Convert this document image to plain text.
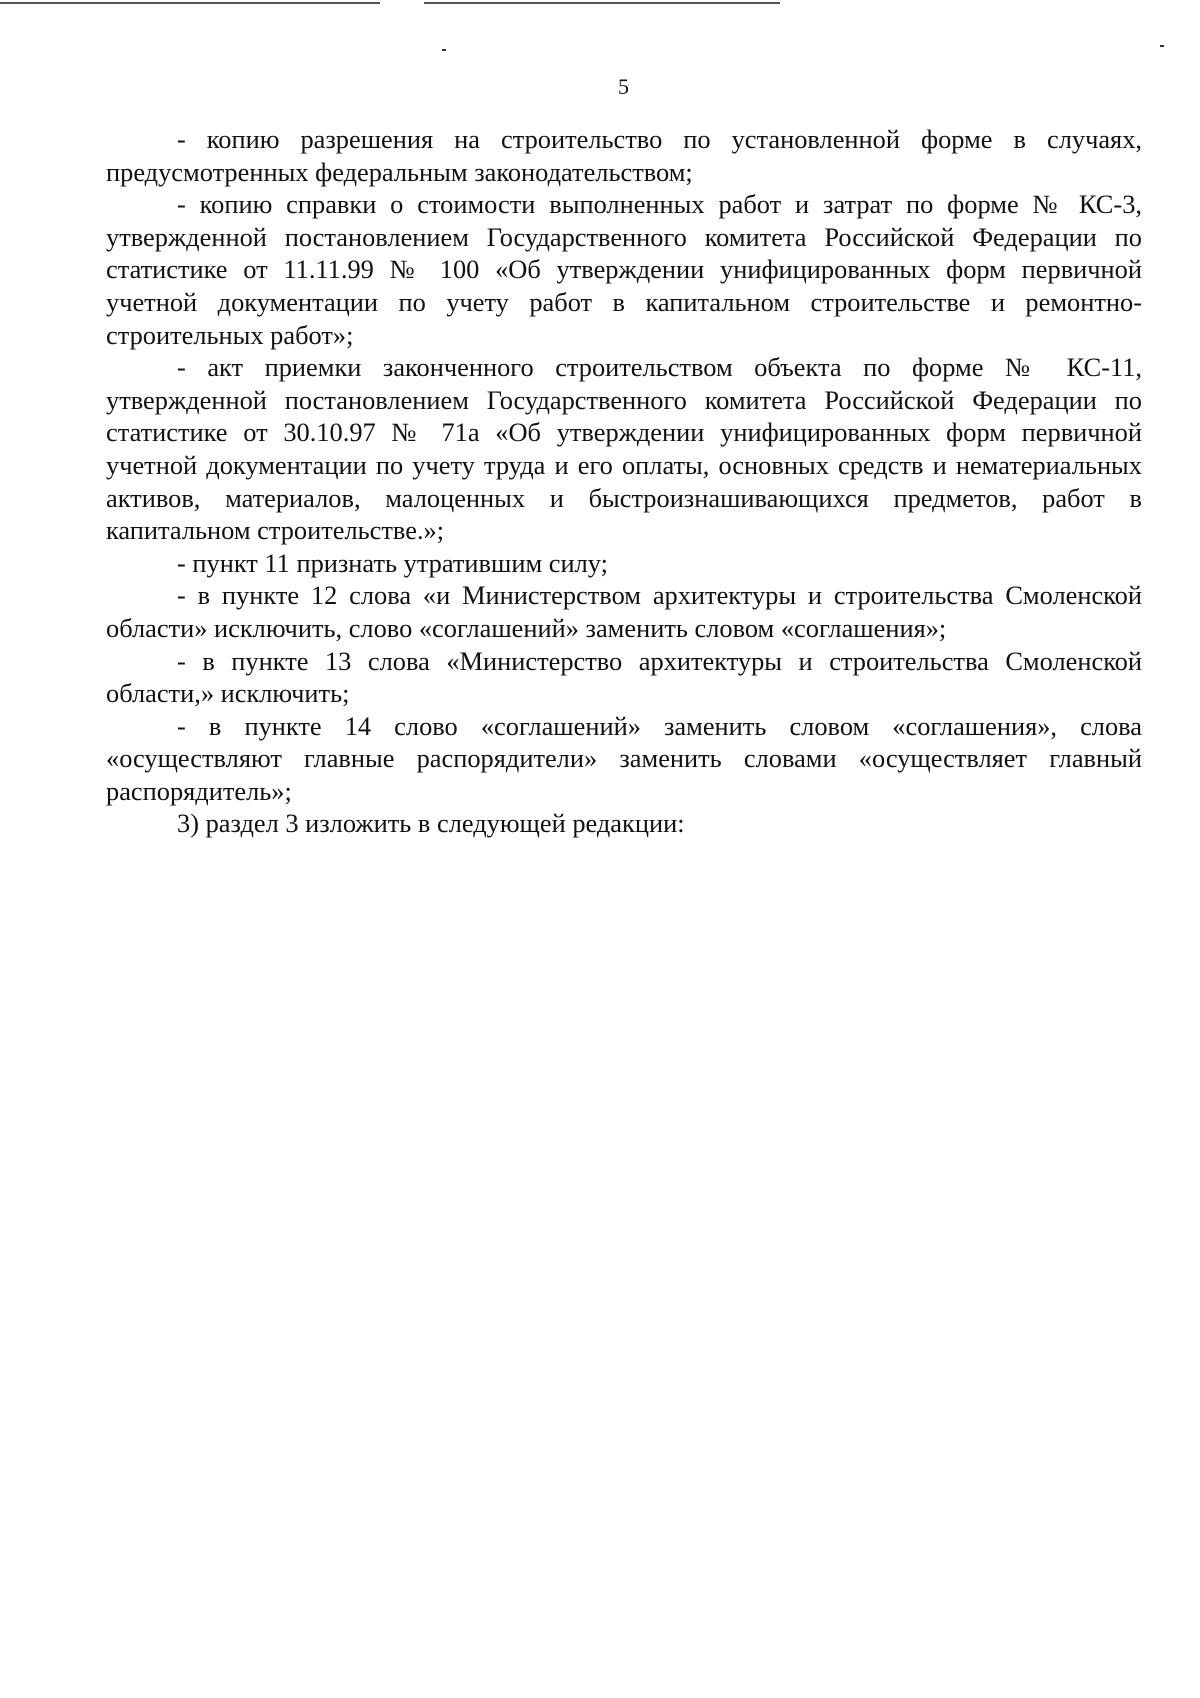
5

- копию разрешения на строительство по установленной форме в случаях, предусмотренных федеральным законодательством;

- копию справки о стоимости выполненных работ и затрат по форме № КС-3, утвержденной постановлением Государственного комитета Российской Федерации по статистике от 11.11.99 № 100 «Об утверждении унифицированных форм первичной учетной документации по учету работ в капитальном строительстве и ремонтно-строительных работ»;

- акт приемки законченного строительством объекта по форме № КС-11, утвержденной постановлением Государственного комитета Российской Федерации по статистике от 30.10.97 № 71а «Об утверждении унифицированных форм первичной учетной документации по учету труда и его оплаты, основных средств и нематериальных активов, материалов, малоценных и быстроизнашивающихся предметов, работ в капитальном строительстве.»;

- пункт 11 признать утратившим силу;

- в пункте 12 слова «и Министерством архитектуры и строительства Смоленской области» исключить, слово «соглашений» заменить словом «соглашения»;

- в пункте 13 слова «Министерство архитектуры и строительства Смоленской области,» исключить;

- в пункте 14 слово «соглашений» заменить словом «соглашения», слова «осуществляют главные распорядители» заменить словами «осуществляет главный распорядитель»;

3) раздел 3 изложить в следующей редакции:
